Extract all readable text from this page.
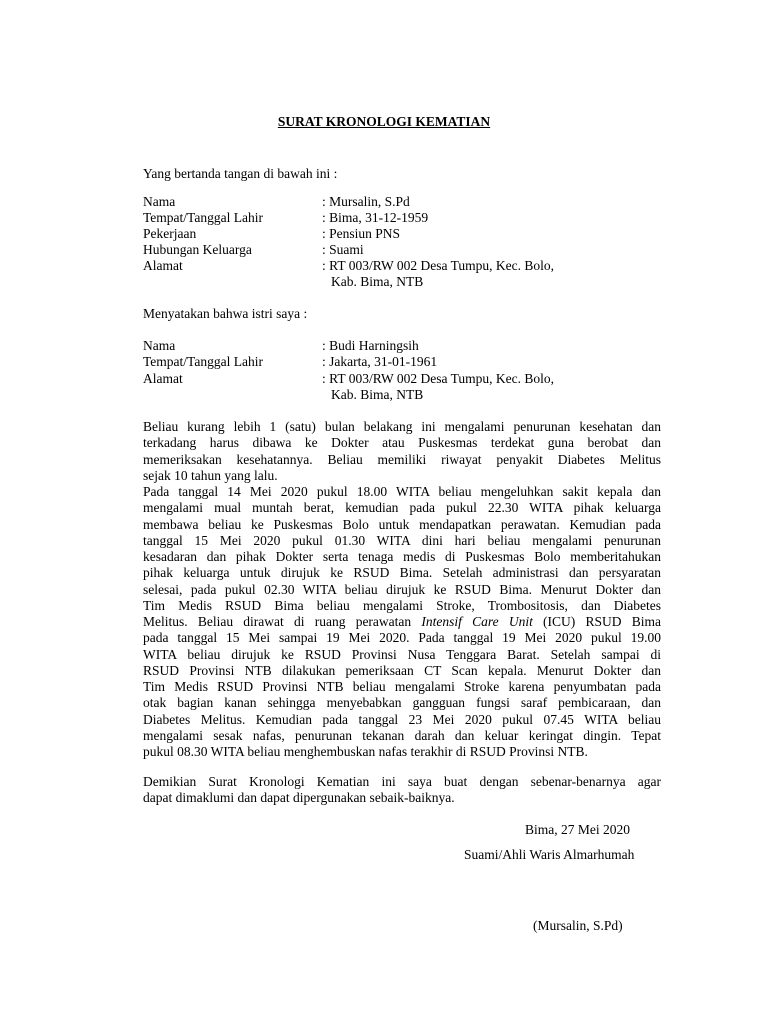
SURAT KRONOLOGI KEMATIAN
Yang bertanda tangan di bawah ini :
Nama	: Mursalin, S.Pd
Tempat/Tanggal Lahir	: Bima, 31-12-1959
Pekerjaan	: Pensiun PNS
Hubungan Keluarga	: Suami
Alamat	: RT 003/RW 002 Desa Tumpu, Kec. Bolo,
Kab. Bima, NTB
Menyatakan bahwa istri saya :
Nama	: Budi Harningsih
Tempat/Tanggal Lahir	: Jakarta, 31-01-1961
Alamat	: RT 003/RW 002 Desa Tumpu, Kec. Bolo,
Kab. Bima, NTB
Beliau kurang lebih 1 (satu) bulan belakang ini mengalami penurunan kesehatan dan
terkadang harus dibawa ke Dokter atau Puskesmas terdekat guna berobat dan
memeriksakan kesehatannya. Beliau memiliki riwayat penyakit Diabetes Melitus
sejak 10 tahun yang lalu.
Pada tanggal 14 Mei 2020 pukul 18.00 WITA beliau mengeluhkan sakit kepala dan
mengalami mual muntah berat, kemudian pada pukul 22.30 WITA pihak keluarga
membawa beliau ke Puskesmas Bolo untuk mendapatkan perawatan. Kemudian pada
tanggal 15 Mei 2020 pukul 01.30 WITA dini hari beliau mengalami penurunan
kesadaran dan pihak Dokter serta tenaga medis di Puskesmas Bolo memberitahukan
pihak keluarga untuk dirujuk ke RSUD Bima. Setelah administrasi dan persyaratan
selesai, pada pukul 02.30 WITA beliau dirujuk ke RSUD Bima. Menurut Dokter dan
Tim Medis RSUD Bima beliau mengalami Stroke, Trombositosis, dan Diabetes
Melitus. Beliau dirawat di ruang perawatan Intensif Care Unit (ICU) RSUD Bima
pada tanggal 15 Mei sampai 19 Mei 2020. Pada tanggal 19 Mei 2020 pukul 19.00
WITA beliau dirujuk ke RSUD Provinsi Nusa Tenggara Barat. Setelah sampai di
RSUD Provinsi NTB dilakukan pemeriksaan CT Scan kepala. Menurut Dokter dan
Tim Medis RSUD Provinsi NTB beliau mengalami Stroke karena penyumbatan pada
otak bagian kanan sehingga menyebabkan gangguan fungsi saraf pembicaraan, dan
Diabetes Melitus. Kemudian pada tanggal 23 Mei 2020 pukul 07.45 WITA beliau
mengalami sesak nafas, penurunan tekanan darah dan keluar keringat dingin. Tepat
pukul 08.30 WITA beliau menghembuskan nafas terakhir di RSUD Provinsi NTB.
Demikian Surat Kronologi Kematian ini saya buat dengan sebenar-benarnya agar
dapat dimaklumi dan dapat dipergunakan sebaik-baiknya.
Bima, 27 Mei 2020
Suami/Ahli Waris Almarhumah
(Mursalin, S.Pd)
